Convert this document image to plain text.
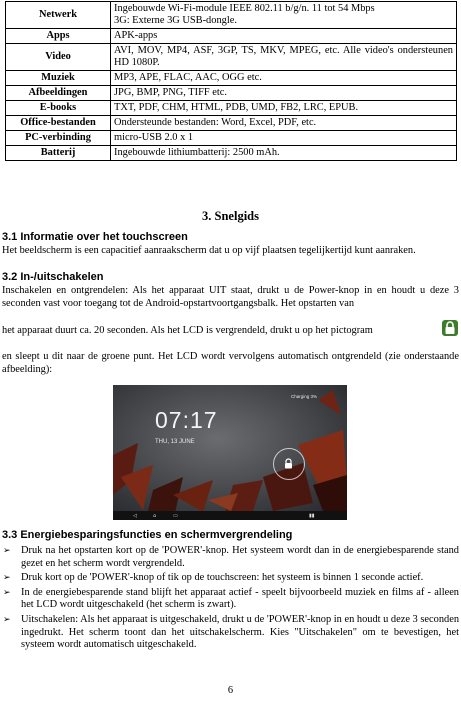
Netwerk	Ingebouwde Wi-Fi-module IEEE 802.11 b/g/n. 11 tot 54 Mbps
3G: Externe 3G USB-dongle.
Apps	APK-apps
Video	AVI, MOV, MP4, ASF, 3GP, TS, MKV, MPEG, etc. Alle video's ondersteunen HD 1080P.
Muziek	MP3, APE, FLAC, AAC, OGG etc.
Afbeeldingen	JPG, BMP, PNG, TIFF etc.
E-books	TXT, PDF, CHM, HTML, PDB, UMD, FB2, LRC, EPUB.
Office-bestanden	Ondersteunde bestanden: Word, Excel, PDF, etc.
PC-verbinding	micro-USB 2.0 x 1
Batterij	Ingebouwde lithiumbatterij: 2500 mAh.
3. Snelgids
3.1 Informatie over het touchscreen
Het beeldscherm is een capacitief aanraakscherm dat u op vijf plaatsen tegelijkertijd kunt aanraken.
3.2 In-/uitschakelen
Inschakelen en ontgrendelen: Als het apparaat UIT staat, drukt u de Power-knop in en houdt u deze 3 seconden vast voor toegang tot de Android-opstartvoortgangsbalk. Het opstarten van
het apparaat duurt ca. 20 seconden. Als het LCD is vergrendeld, drukt u op het pictogram
en sleept u dit naar de groene punt. Het LCD wordt vervolgens automatisch ontgrendeld (zie onderstaande afbeelding):
Charging 3%
07:17
THU, 13 JUNE
◁	⌂	▭	▮▮
3.3 Energiebesparingsfuncties en schermvergrendeling
➢ Druk na het opstarten kort op de 'POWER'-knop. Het systeem wordt dan in de energiebesparende stand gezet en het scherm wordt vergrendeld.
➢ Druk kort op de 'POWER'-knop of tik op de touchscreen: het systeem is binnen 1 seconde actief.
➢ In de energiebesparende stand blijft het apparaat actief - speelt bijvoorbeeld muziek en films af - alleen het LCD wordt uitgeschakeld (het scherm is zwart).
➢ Uitschakelen: Als het apparaat is uitgeschakeld, drukt u de 'POWER'-knop in en houdt u deze 3 seconden ingedrukt. Het scherm toont dan het uitschakelscherm. Kies "Uitschakelen" om te bevestigen, het systeem wordt automatisch uitgeschakeld.
6
